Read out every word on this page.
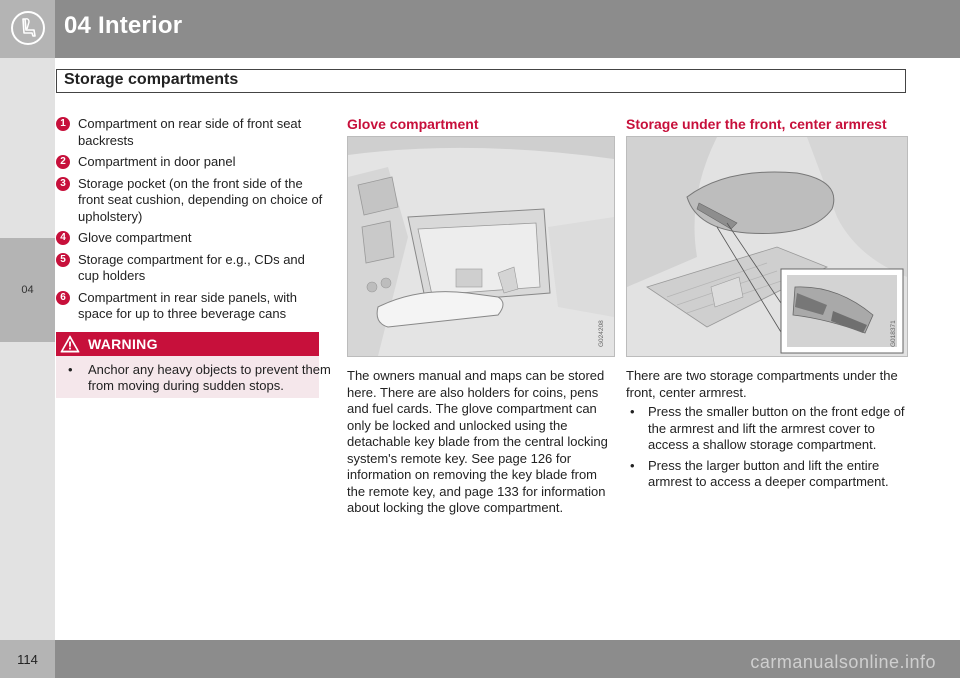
04 Interior
Storage compartments
04
1 Compartment on rear side of front seat backrests
2 Compartment in door panel
3 Storage pocket (on the front side of the front seat cushion, depending on choice of upholstery)
4 Glove compartment
5 Storage compartment for e.g., CDs and cup holders
6 Compartment in rear side panels, with space for up to three beverage cans
WARNING
• Anchor any heavy objects to prevent them from moving during sudden stops.
Glove compartment
G024208
The owners manual and maps can be stored here. There are also holders for coins, pens and fuel cards. The glove compartment can only be locked and unlocked using the detachable key blade from the central locking system's remote key. See page 126 for information on removing the key blade from the remote key, and page 133 for information about locking the glove compartment.
Storage under the front, center armrest
G018371
There are two storage compartments under the front, center armrest.
• Press the smaller button on the front edge of the armrest and lift the armrest cover to access a shallow storage compartment.
• Press the larger button and lift the entire armrest to access a deeper compartment.
114	carmanualsonline.info
